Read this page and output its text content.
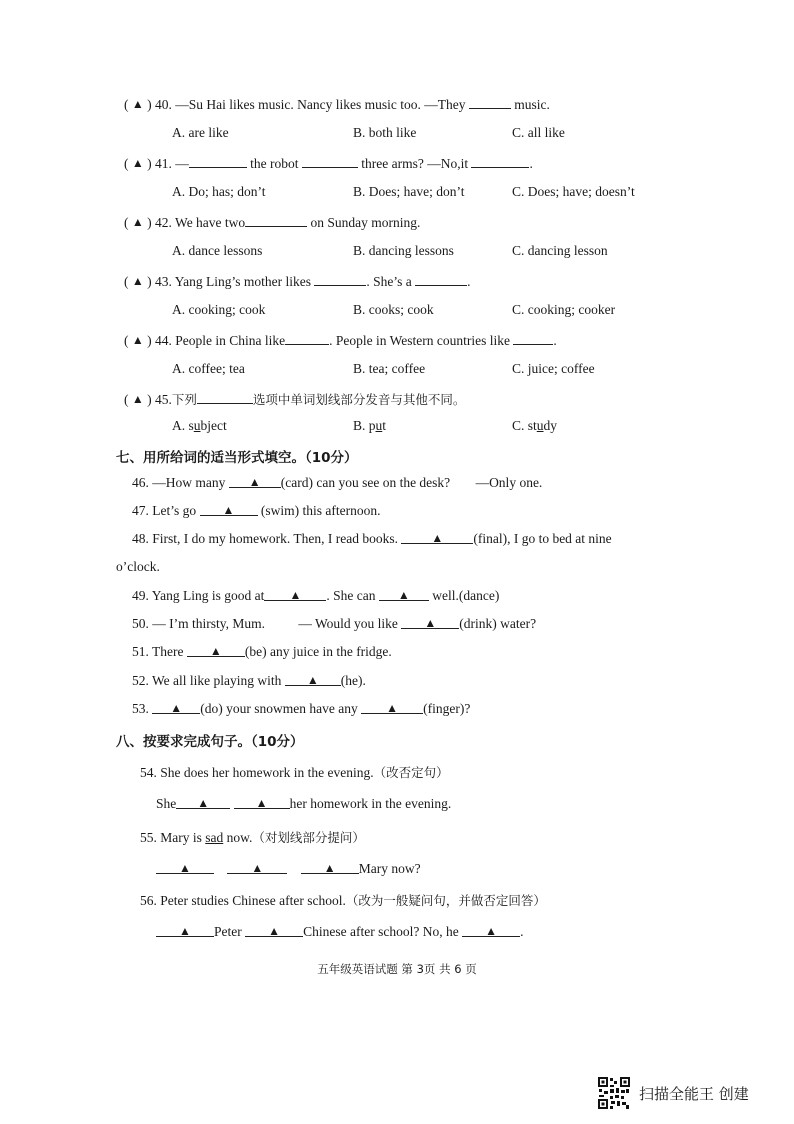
( ▲ ) 40. —Su Hai likes music. Nancy likes music too. —They	music.
A. are like	B. both like	C. all like
( ▲ ) 41. —	the robot	three arms? —No,it	.
A. Do; has; don’t	B. Does; have; don’t	C. Does; have; doesn’t
( ▲ ) 42. We have two	on Sunday morning.
A. dance lessons	B. dancing lessons	C. dancing lesson
( ▲ ) 43. Yang Ling’s mother likes	. She’s a	.
A. cooking; cook	B. cooks; cook	C. cooking; cooker
( ▲ ) 44. People in China like	. People in Western countries like	.
A. coffee; tea	B. tea; coffee	C. juice; coffee
( ▲ ) 45.下列	选项中单词划线部分发音与其他不同。
A. subject	B. put	C. study
七、用所给词的适当形式填空。（10分）
46. —How many ▲ (card) can you see on the desk? —Only one.
47. Let’s go ▲ (swim) this afternoon.
48. First, I do my homework. Then, I read books.	▲ (final), I go to bed at nine
o’clock.
49. Yang Ling is good at ▲ . She can ▲ well.(dance)
50. — I’m thirsty, Mum. — Would you like ▲ (drink) water?
51. There ▲ (be) any juice in the fridge.
52. We all like playing with ▲ (he).
53. ▲ (do) your snowmen have any ▲ (finger)?
八、按要求完成句子。（10分）
54. She does her homework in the evening.（改否定句）
She ▲	▲ her homework in the evening.
55. Mary is sad now.（对划线部分提问）
▲	▲	▲ Mary now?
56. Peter studies Chinese after school.（改为一般疑问句，并做否定回答）
▲ Peter ▲ Chinese after school? No, he ▲ .
五年级英语试题 第 3页 共 6 页
扫描全能王 创建
